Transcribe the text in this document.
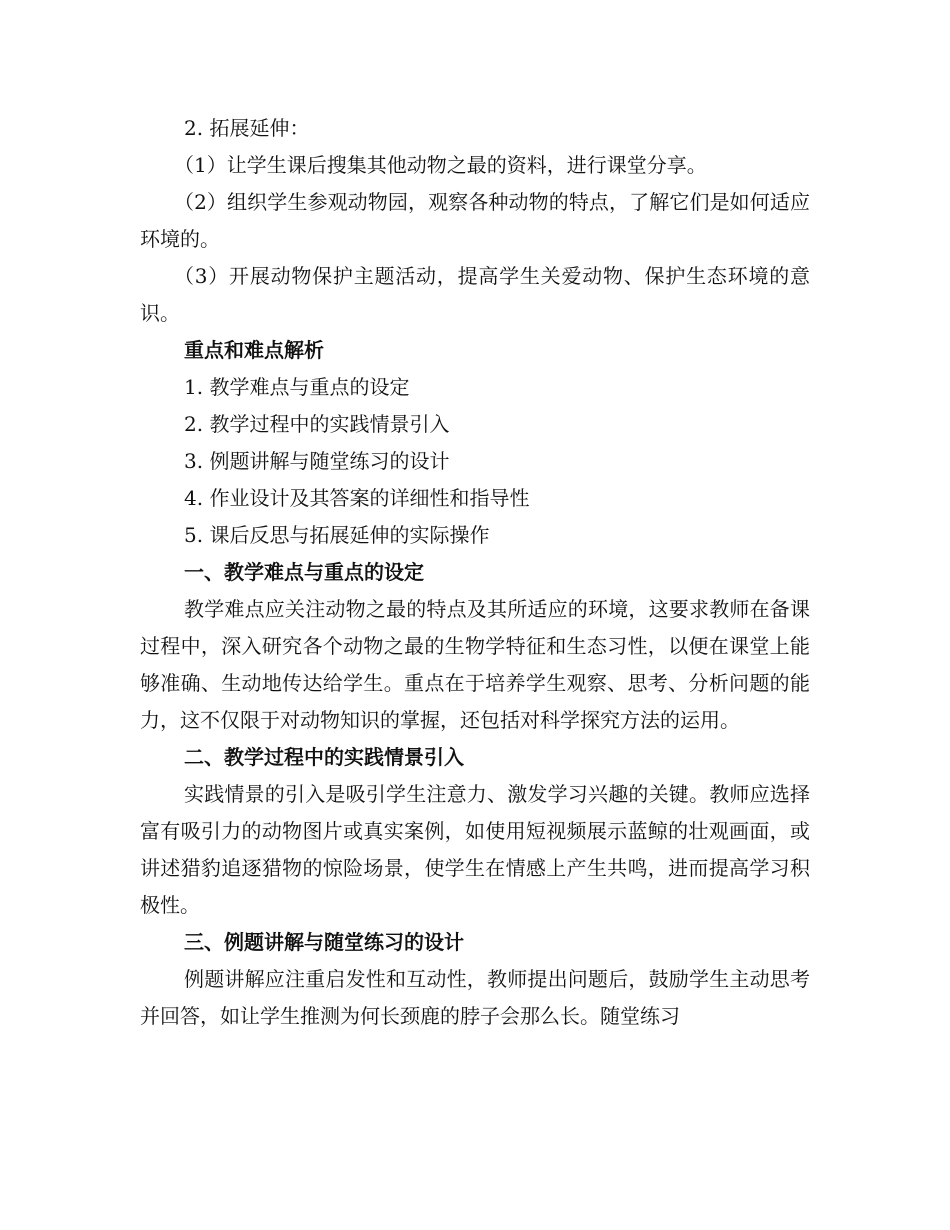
2. 拓展延伸：

（1）让学生课后搜集其他动物之最的资料，进行课堂分享。

（2）组织学生参观动物园，观察各种动物的特点，了解它们是如何适应环境的。

（3）开展动物保护主题活动，提高学生关爱动物、保护生态环境的意识。

重点和难点解析

1. 教学难点与重点的设定

2. 教学过程中的实践情景引入

3. 例题讲解与随堂练习的设计

4. 作业设计及其答案的详细性和指导性

5. 课后反思与拓展延伸的实际操作

一、教学难点与重点的设定

教学难点应关注动物之最的特点及其所适应的环境，这要求教师在备课过程中，深入研究各个动物之最的生物学特征和生态习性，以便在课堂上能够准确、生动地传达给学生。重点在于培养学生观察、思考、分析问题的能力，这不仅限于对动物知识的掌握，还包括对科学探究方法的运用。

二、教学过程中的实践情景引入

实践情景的引入是吸引学生注意力、激发学习兴趣的关键。教师应选择富有吸引力的动物图片或真实案例，如使用短视频展示蓝鲸的壮观画面，或讲述猎豹追逐猎物的惊险场景，使学生在情感上产生共鸣，进而提高学习积极性。

三、例题讲解与随堂练习的设计

例题讲解应注重启发性和互动性，教师提出问题后，鼓励学生主动思考并回答，如让学生推测为何长颈鹿的脖子会那么长。随堂练习
